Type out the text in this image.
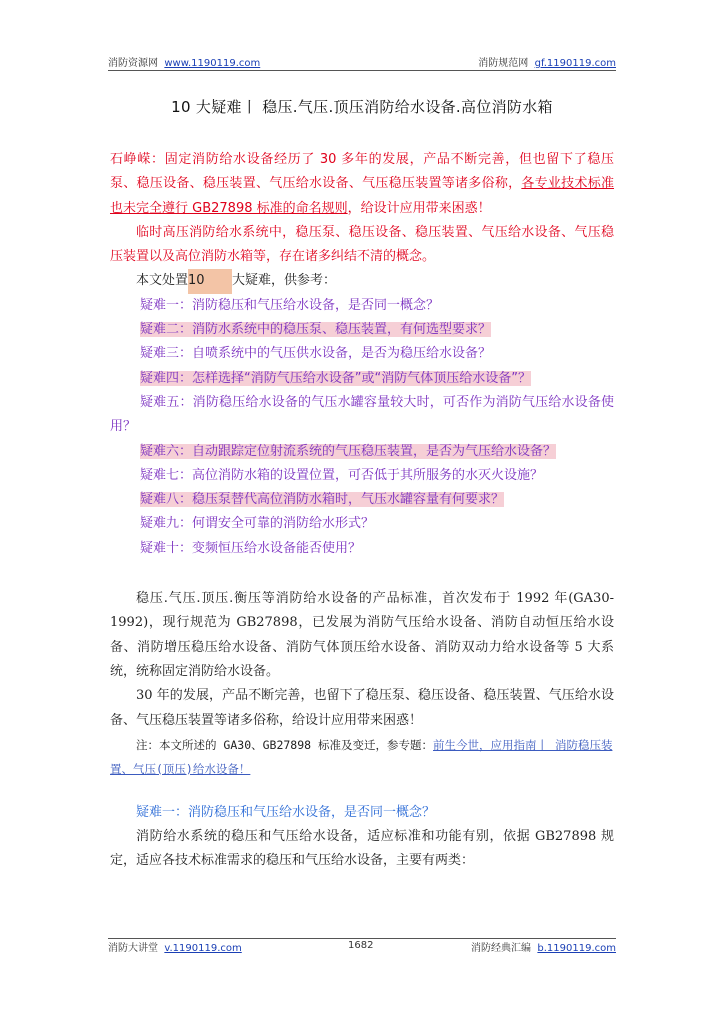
消防资源网 www.1190119.com	消防规范网 gf.1190119.com
10 大疑难丨 稳压.气压.顶压消防给水设备.高位消防水箱

石峥嵘：固定消防给水设备经历了 30 多年的发展，产品不断完善，但也留下了稳压泵、稳压设备、稳压装置、气压给水设备、气压稳压装置等诸多俗称，各专业技术标准也未完全遵行 GB27898 标准的命名规则，给设计应用带来困惑！

临时高压消防给水系统中，稳压泵、稳压设备、稳压装置、气压给水设备、气压稳压装置以及高位消防水箱等，存在诸多纠结不清的概念。

本文处置10 大疑难，供参考：

疑难一：消防稳压和气压给水设备，是否同一概念？

疑难二：消防水系统中的稳压泵、稳压装置，有何选型要求？

疑难三：自喷系统中的气压供水设备，是否为稳压给水设备？

疑难四：怎样选择“消防气压给水设备”或“消防气体顶压给水设备”？

疑难五：消防稳压给水设备的气压水罐容量较大时，可否作为消防气压给水设备使用？

疑难六：自动跟踪定位射流系统的气压稳压装置，是否为气压给水设备？

疑难七：高位消防水箱的设置位置，可否低于其所服务的水灭火设施？

疑难八：稳压泵替代高位消防水箱时，气压水罐容量有何要求？

疑难九：何谓安全可靠的消防给水形式？

疑难十：变频恒压给水设备能否使用？

稳压.气压.顶压.衡压等消防给水设备的产品标准，首次发布于 1992 年(GA30-1992)，现行规范为 GB27898，已发展为消防气压给水设备、消防自动恒压给水设备、消防增压稳压给水设备、消防气体顶压给水设备、消防双动力给水设备等 5 大系统，统称固定消防给水设备。

30 年的发展，产品不断完善，也留下了稳压泵、稳压设备、稳压装置、气压给水设备、气压稳压装置等诸多俗称，给设计应用带来困惑！

注：本文所述的 GA30、GB27898 标准及变迁，参专题：前生今世，应用指南丨 消防稳压装置、气压(顶压)给水设备！

疑难一：消防稳压和气压给水设备，是否同一概念？

消防给水系统的稳压和气压给水设备，适应标准和功能有别，依据 GB27898 规定，适应各技术标准需求的稳压和气压给水设备，主要有两类：

消防大讲堂 v.1190119.com	1682	消防经典汇编 b.1190119.com
